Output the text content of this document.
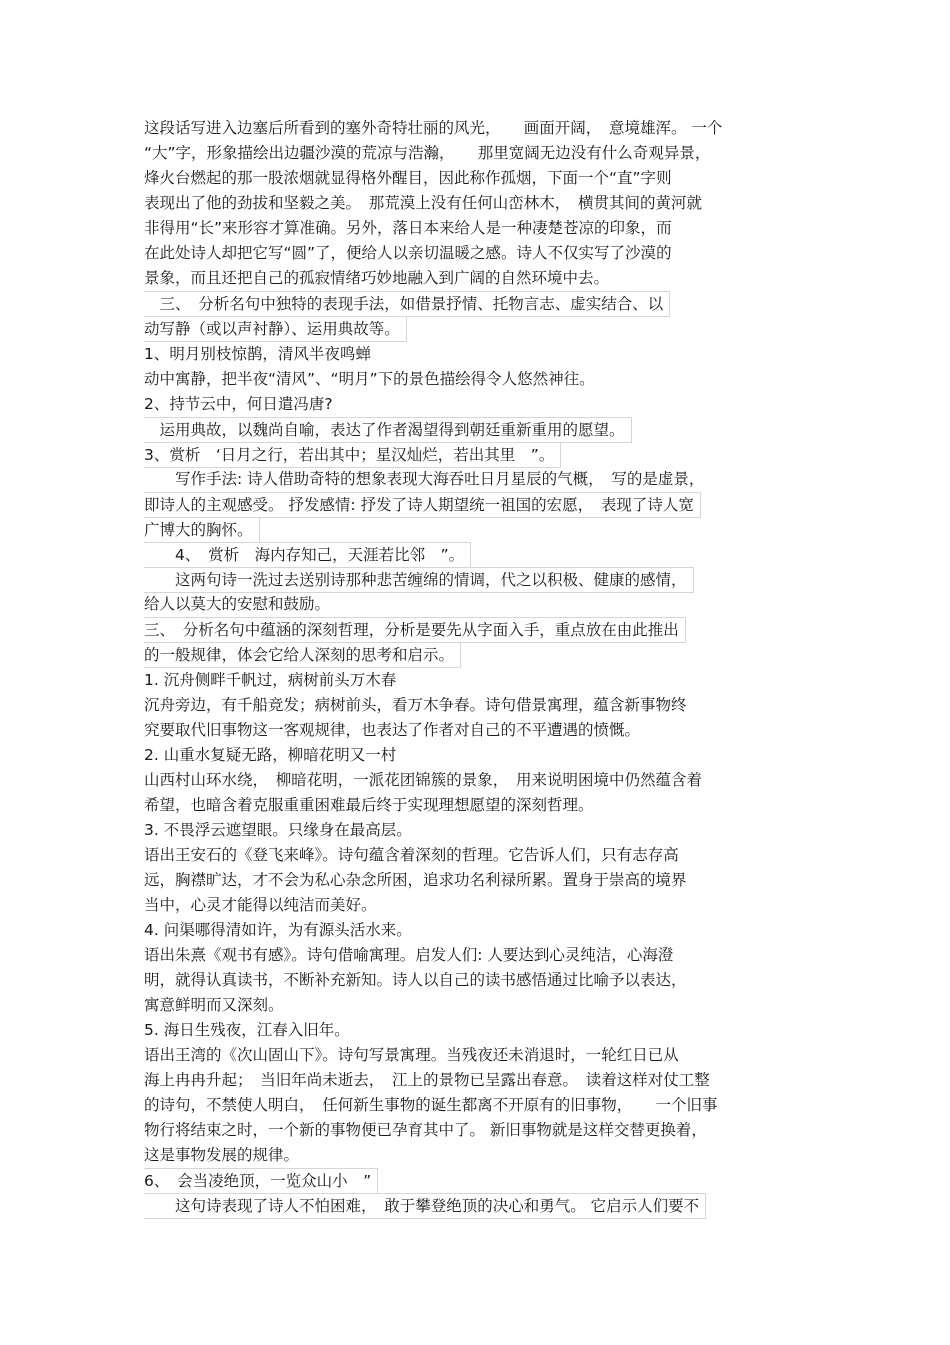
这段话写进入边塞后所看到的塞外奇特壮丽的风光，　　画面开阔，　意境雄浑。 一个
“大”字，形象描绘出边疆沙漠的荒凉与浩瀚，　　那里宽阔无边没有什么奇观异景，
烽火台燃起的那一股浓烟就显得格外醒目，因此称作孤烟，下面一个“直”字则
表现出了他的劲拔和坚毅之美。　那荒漠上没有任何山峦林木，　横贯其间的黄河就
非得用“长”来形容才算准确。另外，落日本来给人是一种凄楚苍凉的印象，而
在此处诗人却把它写“圆”了，便给人以亲切温暖之感。诗人不仅实写了沙漠的
景象，而且还把自己的孤寂情绪巧妙地融入到广阔的自然环境中去。
　三、　分析名句中独特的表现手法，如借景抒情、托物言志、虚实结合、以
动写静（或以声衬静）、运用典故等。
1、明月别枝惊鹊，清风半夜鸣蝉
动中寓静，把半夜“清风”、“明月”下的景色描绘得令人悠然神往。
2、持节云中，何日遣冯唐?
　运用典故，以魏尚自喻，表达了作者渴望得到朝廷重新重用的愿望。
3、赏析　‘日月之行，若出其中；星汉灿烂，若出其里　”。
　　写作手法: 诗人借助奇特的想象表现大海吞吐日月星辰的气概，　写的是虚景，
即诗人的主观感受。 抒发感情: 抒发了诗人期望统一祖国的宏愿，　表现了诗人宽
广博大的胸怀。
　　4、　赏析　海内存知己，天涯若比邻　”。
　　这两句诗一洗过去送别诗那种悲苦缠绵的情调，代之以积极、健康的感情，
给人以莫大的安慰和鼓励。
三、　分析名句中蕴涵的深刻哲理，分析是要先从字面入手，重点放在由此推出
的一般规律，体会它给人深刻的思考和启示。
1. 沉舟侧畔千帆过，病树前头万木春
沉舟旁边，有千船竞发；病树前头，看万木争春。诗句借景寓理，蕴含新事物终
究要取代旧事物这一客观规律，也表达了作者对自己的不平遭遇的愤慨。
2. 山重水复疑无路，柳暗花明又一村
山西村山环水绕，　柳暗花明，一派花团锦簇的景象，　用来说明困境中仍然蕴含着
希望，也暗含着克服重重困难最后终于实现理想愿望的深刻哲理。
3. 不畏浮云遮望眼。只缘身在最高层。
语出王安石的《登飞来峰》。诗句蕴含着深刻的哲理。它告诉人们，只有志存高
远，胸襟旷达，才不会为私心杂念所困，追求功名利禄所累。置身于崇高的境界
当中，心灵才能得以纯洁而美好。
4. 问渠哪得清如许，为有源头活水来。
语出朱熹《观书有感》。诗句借喻寓理。启发人们: 人要达到心灵纯洁，心海澄
明，就得认真读书，不断补充新知。诗人以自己的读书感悟通过比喻予以表达，
寓意鲜明而又深刻。
5. 海日生残夜，江春入旧年。
语出王湾的《次山固山下》。诗句写景寓理。当残夜还未消退时，一轮红日已从
海上冉冉升起；　当旧年尚未逝去，　江上的景物已呈露出春意。　读着这样对仗工整
的诗句，不禁使人明白，　任何新生事物的诞生都离不开原有的旧事物，　　一个旧事
物行将结束之时，一个新的事物便已孕育其中了。 新旧事物就是这样交替更换着，
这是事物发展的规律。
6、　会当凌绝顶，一览众山小　”
　　这句诗表现了诗人不怕困难，　敢于攀登绝顶的决心和勇气。 它启示人们要不
